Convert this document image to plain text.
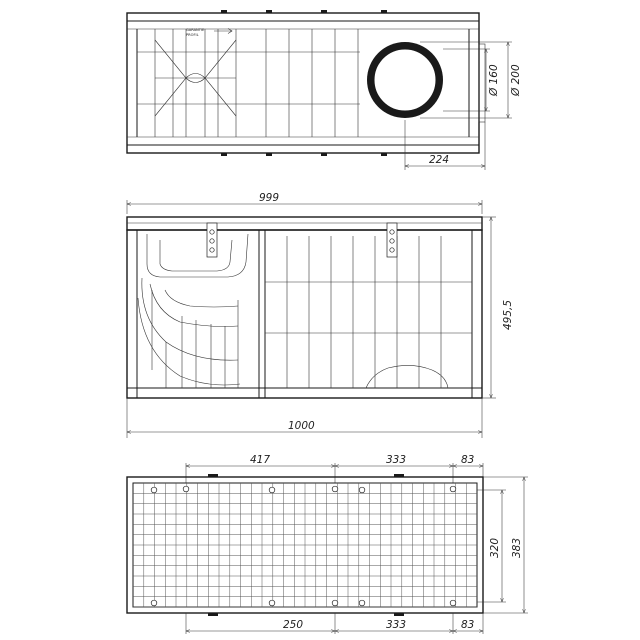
GARANTIE
PROFIL
Ø 160 Ø 200
224
999
495,5
1000
417	333	83
320 383
250	333	83
